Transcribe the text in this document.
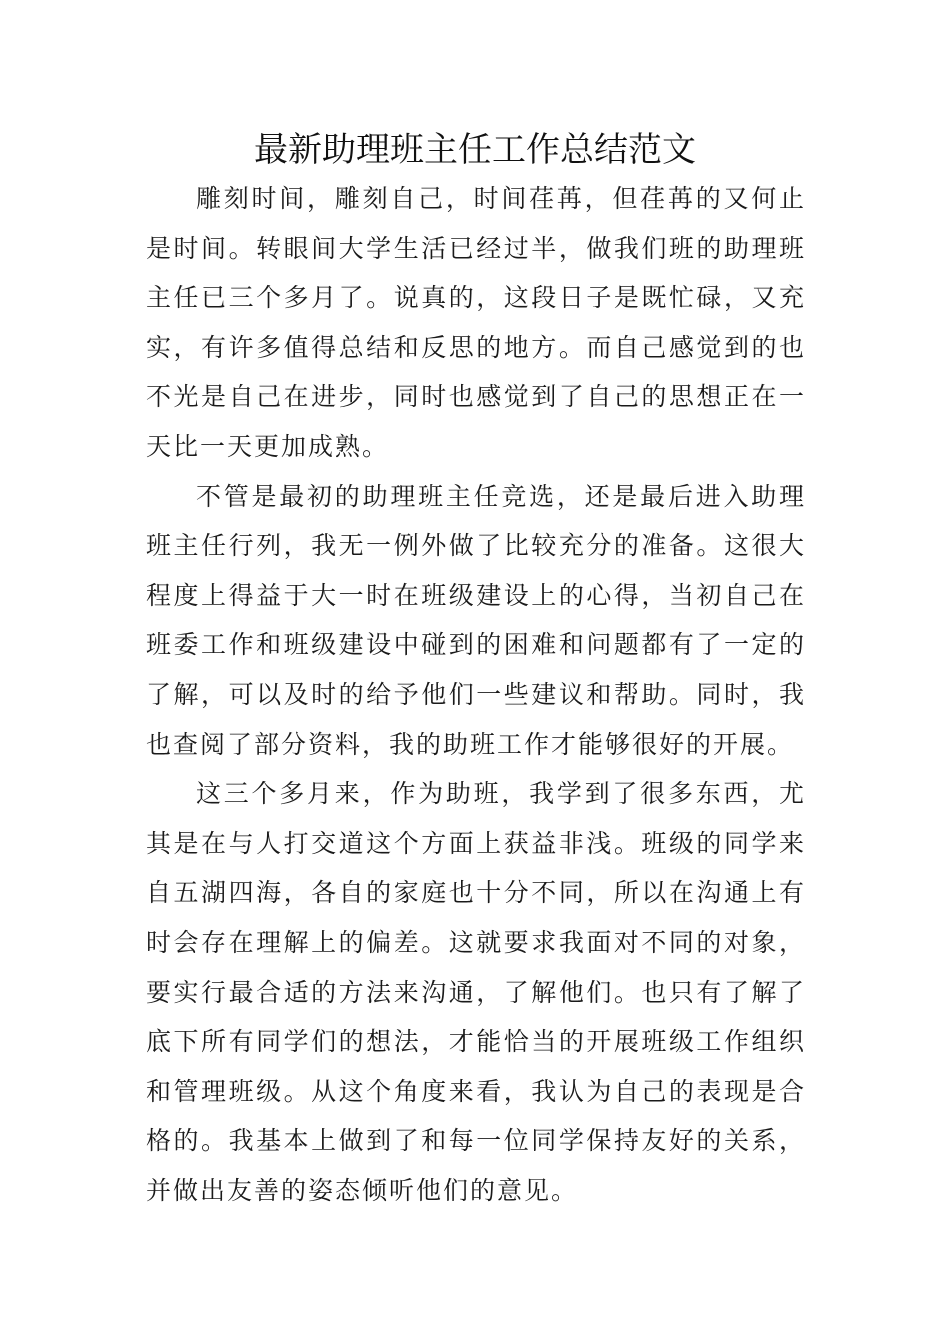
最新助理班主任工作总结范文

雕刻时间，雕刻自己，时间荏苒，但荏苒的又何止是时间。转眼间大学生活已经过半，做我们班的助理班主任已三个多月了。说真的，这段日子是既忙碌，又充实，有许多值得总结和反思的地方。而自己感觉到的也不光是自己在进步，同时也感觉到了自己的思想正在一天比一天更加成熟。

不管是最初的助理班主任竞选，还是最后进入助理班主任行列，我无一例外做了比较充分的准备。这很大程度上得益于大一时在班级建设上的心得，当初自己在班委工作和班级建设中碰到的困难和问题都有了一定的了解，可以及时的给予他们一些建议和帮助。同时，我也查阅了部分资料，我的助班工作才能够很好的开展。

这三个多月来，作为助班，我学到了很多东西，尤其是在与人打交道这个方面上获益非浅。班级的同学来自五湖四海，各自的家庭也十分不同，所以在沟通上有时会存在理解上的偏差。这就要求我面对不同的对象，要实行最合适的方法来沟通，了解他们。也只有了解了底下所有同学们的想法，才能恰当的开展班级工作组织和管理班级。从这个角度来看，我认为自己的表现是合格的。我基本上做到了和每一位同学保持友好的关系，并做出友善的姿态倾听他们的意见。
